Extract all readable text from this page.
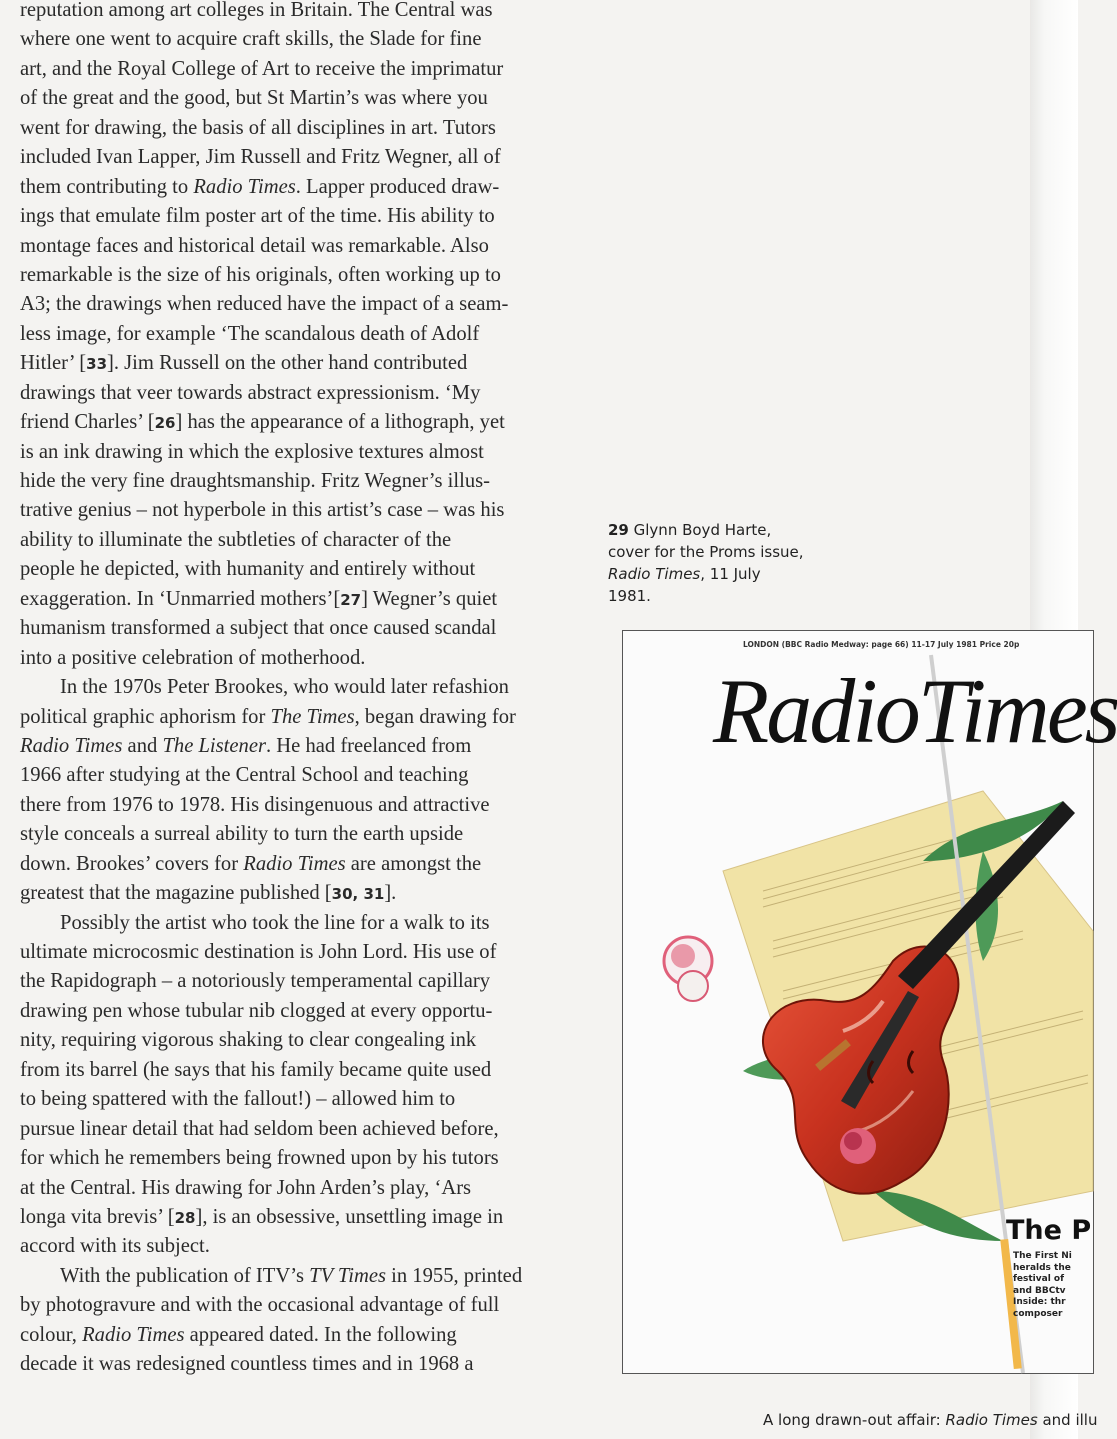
reputation among art colleges in Britain. The Central was
where one went to acquire craft skills, the Slade for fine
art, and the Royal College of Art to receive the imprimatur
of the great and the good, but St Martin’s was where you
went for drawing, the basis of all disciplines in art. Tutors
included Ivan Lapper, Jim Russell and Fritz Wegner, all of
them contributing to Radio Times. Lapper produced draw-
ings that emulate film poster art of the time. His ability to
montage faces and historical detail was remarkable. Also
remarkable is the size of his originals, often working up to
A3; the drawings when reduced have the impact of a seam-
less image, for example ‘The scandalous death of Adolf
Hitler’ [33]. Jim Russell on the other hand contributed
drawings that veer towards abstract expressionism. ‘My
friend Charles’ [26] has the appearance of a lithograph, yet
is an ink drawing in which the explosive textures almost
hide the very fine draughtsmanship. Fritz Wegner’s illus-
trative genius – not hyperbole in this artist’s case – was his
ability to illuminate the subtleties of character of the
people he depicted, with humanity and entirely without
exaggeration. In ‘Unmarried mothers’[27] Wegner’s quiet
humanism transformed a subject that once caused scandal
into a positive celebration of motherhood.
In the 1970s Peter Brookes, who would later refashion
political graphic aphorism for The Times, began drawing for
Radio Times and The Listener. He had freelanced from
1966 after studying at the Central School and teaching
there from 1976 to 1978. His disingenuous and attractive
style conceals a surreal ability to turn the earth upside
down. Brookes’ covers for Radio Times are amongst the
greatest that the magazine published [30, 31].
Possibly the artist who took the line for a walk to its
ultimate microcosmic destination is John Lord. His use of
the Rapidograph – a notoriously temperamental capillary
drawing pen whose tubular nib clogged at every opportu-
nity, requiring vigorous shaking to clear congealing ink
from its barrel (he says that his family became quite used
to being spattered with the fallout!) – allowed him to
pursue linear detail that had seldom been achieved before,
for which he remembers being frowned upon by his tutors
at the Central. His drawing for John Arden’s play, ‘Ars
longa vita brevis’ [28], is an obsessive, unsettling image in
accord with its subject.
With the publication of ITV’s TV Times in 1955, printed
by photogravure and with the occasional advantage of full
colour, Radio Times appeared dated. In the following
decade it was redesigned countless times and in 1968 a
29 Glynn Boyd Harte, cover for the Proms issue, Radio Times, 11 July 1981.
LONDON (BBC Radio Medway: page 66) 11-17 July 1981 Price 20p
RadioTimes
The P
The First Ni
heralds the
festival of
and BBCtv
Inside: thr
composer
A long drawn-out affair: Radio Times and illu
